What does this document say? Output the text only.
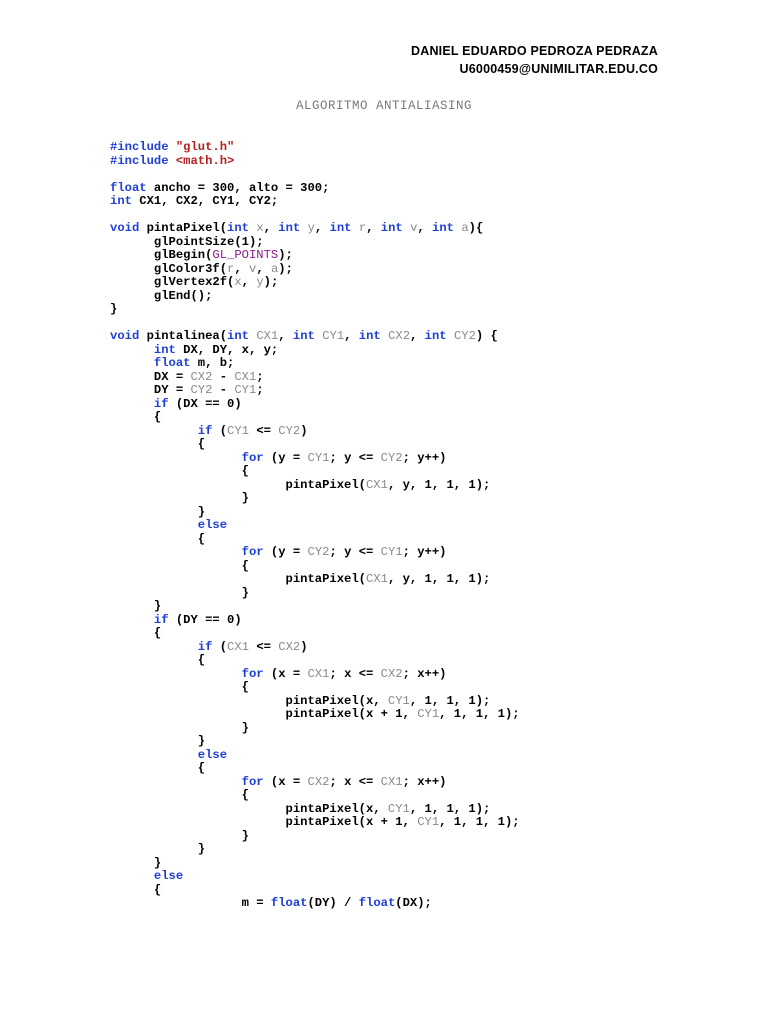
DANIEL EDUARDO PEDROZA PEDRAZA
U6000459@UNIMILITAR.EDU.CO
ALGORITMO ANTIALIASING
#include "glut.h"
#include <math.h>
float ancho = 300, alto = 300;
int CX1, CX2, CY1, CY2;
void pintaPixel(int x, int y, int r, int v, int a){
glPointSize(1);
glBegin(GL_POINTS);
glColor3f(r, v, a);
glVertex2f(x, y);
glEnd();
}
void pintalinea(int CX1, int CY1, int CX2, int CY2) {
int DX, DY, x, y;
float m, b;
DX = CX2 - CX1;
DY = CY2 - CY1;
if (DX == 0)
{
if (CY1 <= CY2)
{
for (y = CY1; y <= CY2; y++)
{
pintaPixel(CX1, y, 1, 1, 1);
}
}
else
{
for (y = CY2; y <= CY1; y++)
{
pintaPixel(CX1, y, 1, 1, 1);
}
}
if (DY == 0)
{
if (CX1 <= CX2)
{
for (x = CX1; x <= CX2; x++)
{
pintaPixel(x, CY1, 1, 1, 1);
pintaPixel(x + 1, CY1, 1, 1, 1);
}
}
else
{
for (x = CX2; x <= CX1; x++)
{
pintaPixel(x, CY1, 1, 1, 1);
pintaPixel(x + 1, CY1, 1, 1, 1);
}
}
}
else
{
m = float(DY) / float(DX);
